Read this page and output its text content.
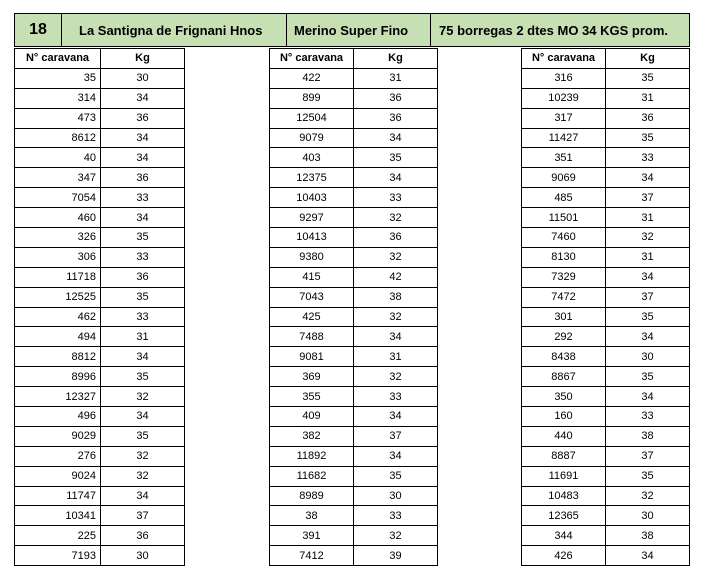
18	La Santigna de Frignani Hnos	Merino Super Fino	75 borregas 2 dtes MO 34 KGS prom.
N° caravana	Kg
35	30
314	34
473	36
8612	34
40	34
347	36
7054	33
460	34
326	35
306	33
11718	36
12525	35
462	33
494	31
8812	34
8996	35
12327	32
496	34
9029	35
276	32
9024	32
11747	34
10341	37
225	36
7193	30
N° caravana	Kg
422	31
899	36
12504	36
9079	34
403	35
12375	34
10403	33
9297	32
10413	36
9380	32
415	42
7043	38
425	32
7488	34
9081	31
369	32
355	33
409	34
382	37
11892	34
11682	35
8989	30
38	33
391	32
7412	39
N° caravana	Kg
316	35
10239	31
317	36
11427	35
351	33
9069	34
485	37
11501	31
7460	32
8130	31
7329	34
7472	37
301	35
292	34
8438	30
8867	35
350	34
160	33
440	38
8887	37
11691	35
10483	32
12365	30
344	38
426	34
